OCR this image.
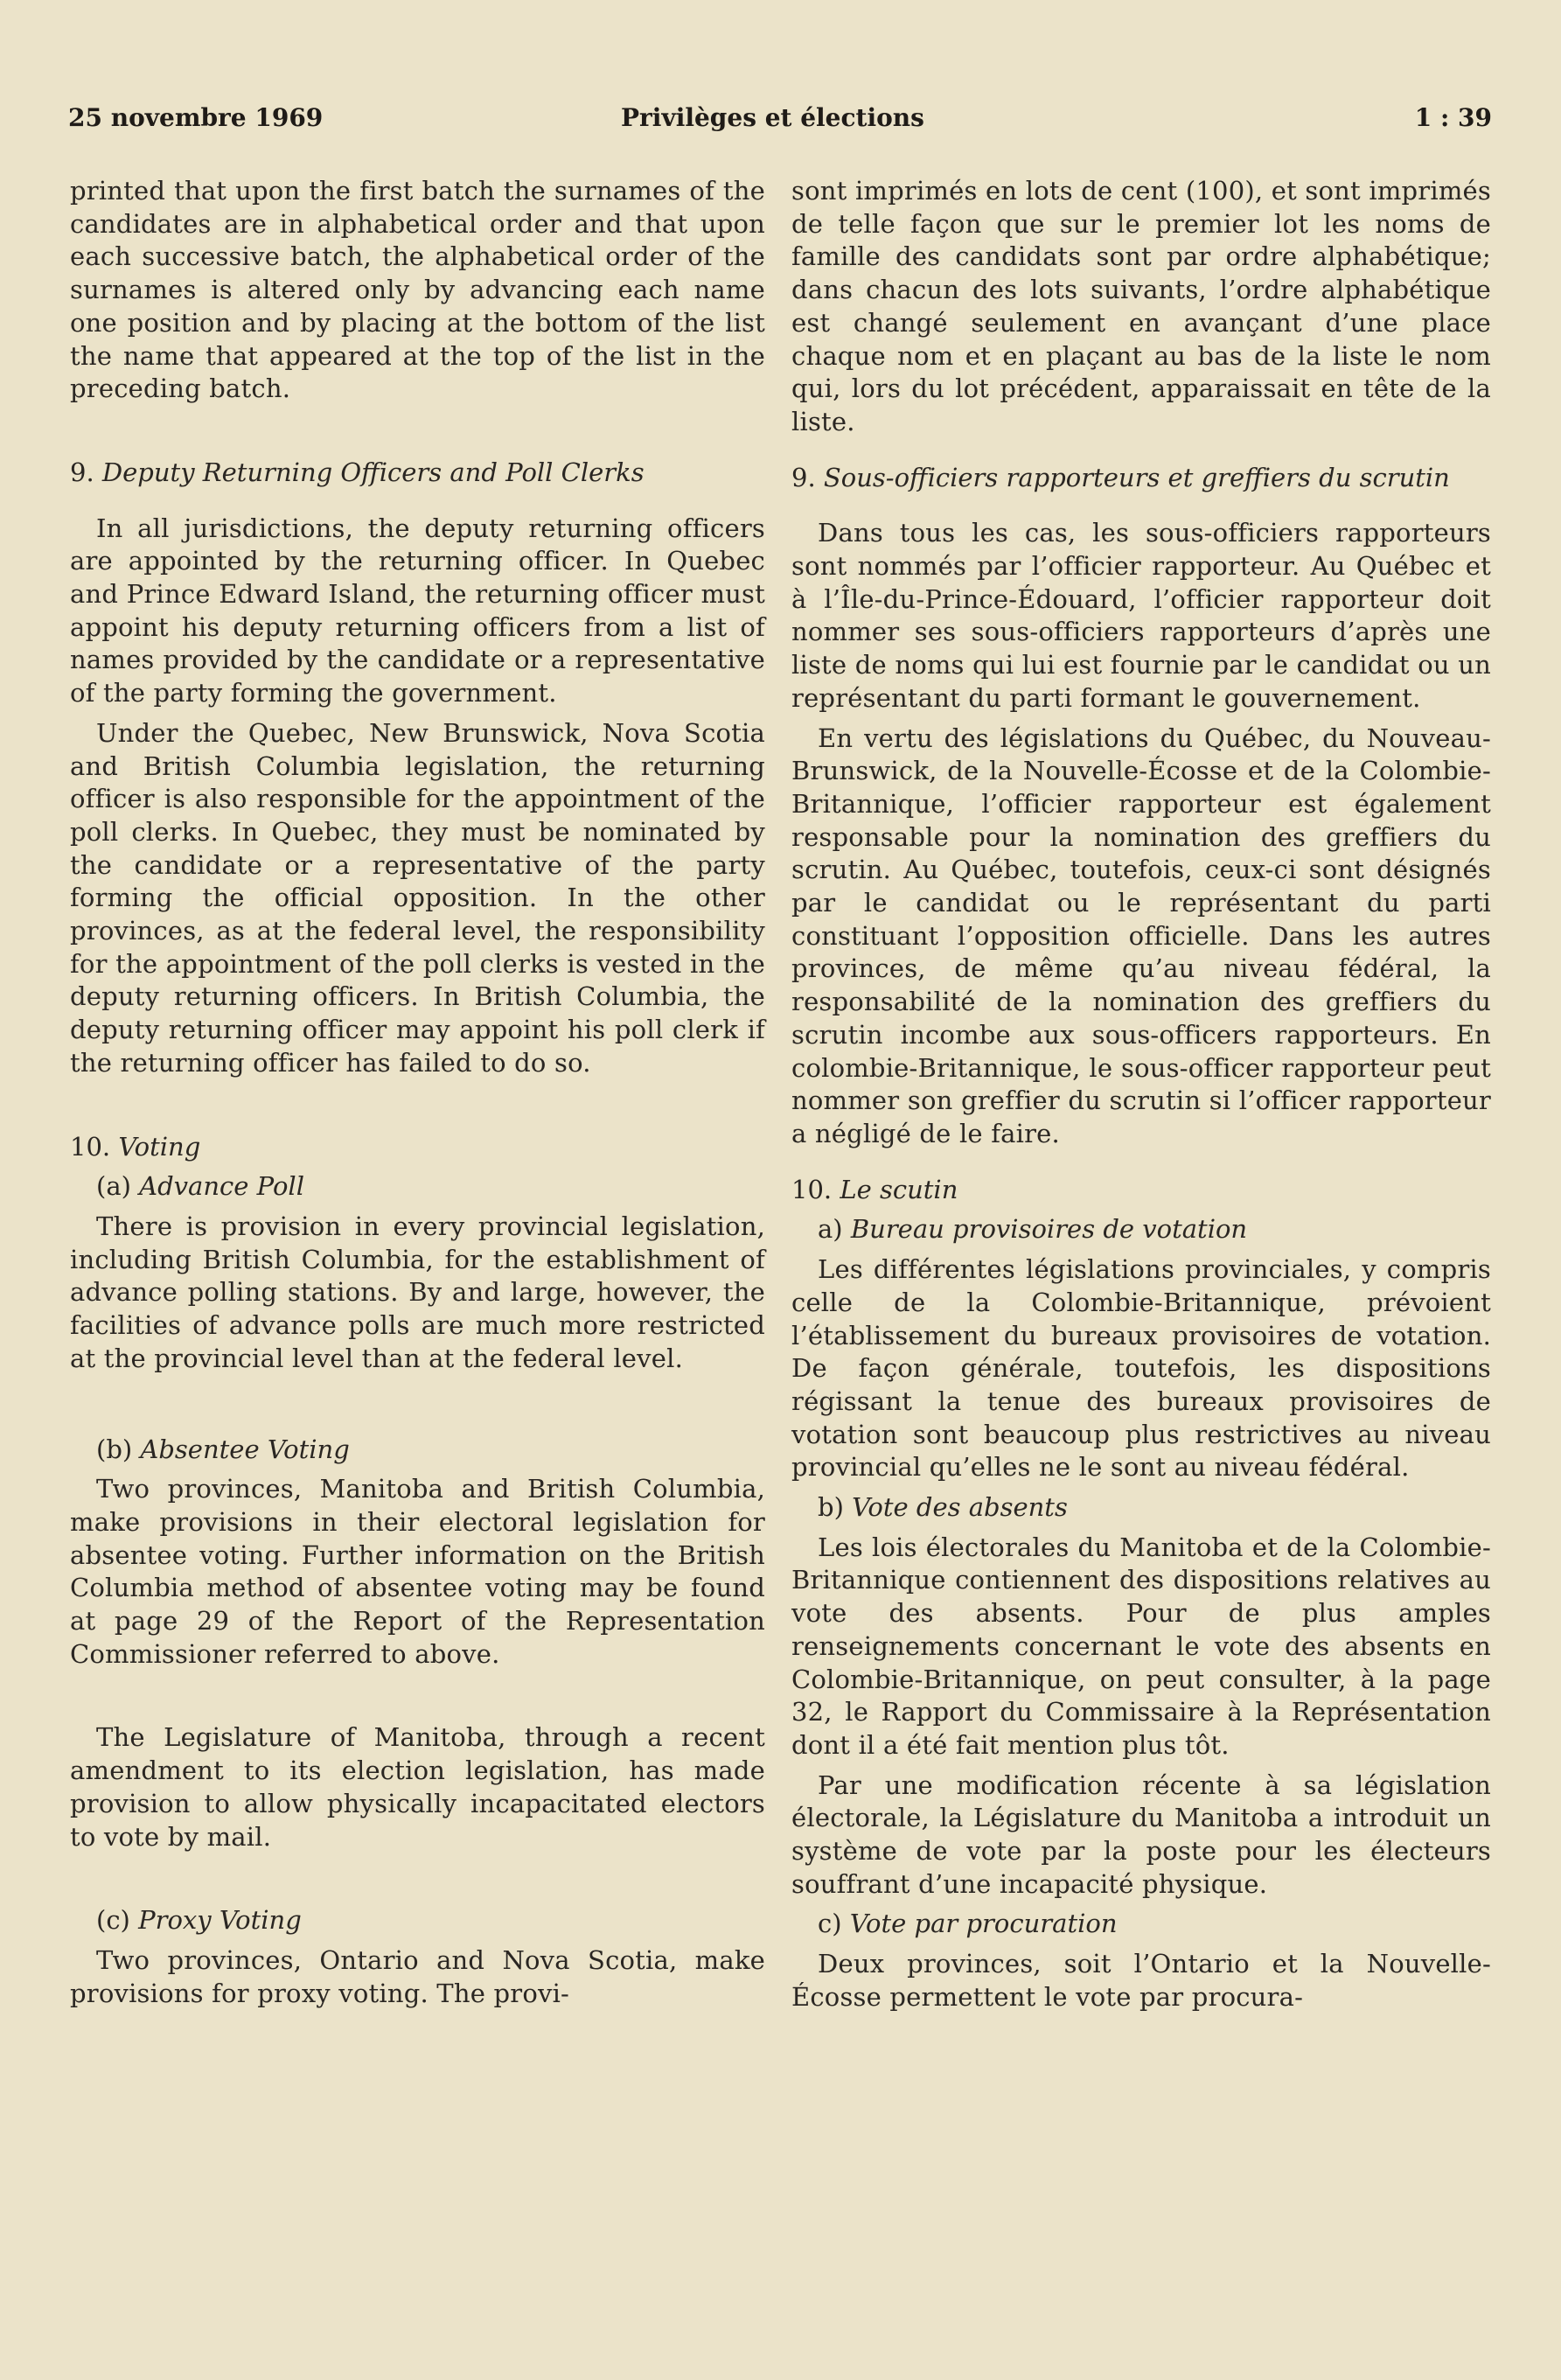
25 novembre 1969	Privilèges et élections	1 : 39

printed that upon the first batch the surnames of the candidates are in alphabetical order and that upon each successive batch, the alphabetical order of the surnames is altered only by advancing each name one position and by placing at the bottom of the list the name that appeared at the top of the list in the preceding batch.

9. Deputy Returning Officers and Poll Clerks

In all jurisdictions, the deputy returning officers are appointed by the returning officer. In Quebec and Prince Edward Island, the returning officer must appoint his deputy returning officers from a list of names provided by the candidate or a representative of the party forming the government.

Under the Quebec, New Brunswick, Nova Scotia and British Columbia legislation, the returning officer is also responsible for the appointment of the poll clerks. In Quebec, they must be nominated by the candidate or a representative of the party forming the official opposition. In the other provinces, as at the federal level, the responsibility for the appointment of the poll clerks is vested in the deputy returning officers. In British Columbia, the deputy returning officer may appoint his poll clerk if the returning officer has failed to do so.

10. Voting
(a) Advance Poll

There is provision in every provincial legislation, including British Columbia, for the establishment of advance polling stations. By and large, however, the facilities of advance polls are much more restricted at the provincial level than at the federal level.

(b) Absentee Voting

Two provinces, Manitoba and British Columbia, make provisions in their electoral legislation for absentee voting. Further information on the British Columbia method of absentee voting may be found at page 29 of the Report of the Representation Commissioner referred to above.

The Legislature of Manitoba, through a recent amendment to its election legislation, has made provision to allow physically incapacitated electors to vote by mail.

(c) Proxy Voting

Two provinces, Ontario and Nova Scotia, make provisions for proxy voting. The provi-

sont imprimés en lots de cent (100), et sont imprimés de telle façon que sur le premier lot les noms de famille des candidats sont par ordre alphabétique; dans chacun des lots suivants, l’ordre alphabétique est changé seulement en avançant d’une place chaque nom et en plaçant au bas de la liste le nom qui, lors du lot précédent, apparaissait en tête de la liste.

9. Sous-officiers rapporteurs et greffiers du scrutin

Dans tous les cas, les sous-officiers rapporteurs sont nommés par l’officier rapporteur. Au Québec et à l’Île-du-Prince-Édouard, l’officier rapporteur doit nommer ses sous-officiers rapporteurs d’après une liste de noms qui lui est fournie par le candidat ou un représentant du parti formant le gouvernement.

En vertu des législations du Québec, du Nouveau-Brunswick, de la Nouvelle-Écosse et de la Colombie-Britannique, l’officier rapporteur est également responsable pour la nomination des greffiers du scrutin. Au Québec, toutefois, ceux-ci sont désignés par le candidat ou le représentant du parti constituant l’opposition officielle. Dans les autres provinces, de même qu’au niveau fédéral, la responsabilité de la nomination des greffiers du scrutin incombe aux sous-officers rapporteurs. En colombie-Britannique, le sous-officer rapporteur peut nommer son greffier du scrutin si l’officer rapporteur a négligé de le faire.

10. Le scutin
a) Bureau provisoires de votation

Les différentes législations provinciales, y compris celle de la Colombie-Britannique, prévoient l’établissement du bureaux provisoires de votation. De façon générale, toutefois, les dispositions régissant la tenue des bureaux provisoires de votation sont beaucoup plus restrictives au niveau provincial qu’elles ne le sont au niveau fédéral.

b) Vote des absents

Les lois électorales du Manitoba et de la Colombie-Britannique contiennent des dispositions relatives au vote des absents. Pour de plus amples renseignements concernant le vote des absents en Colombie-Britannique, on peut consulter, à la page 32, le Rapport du Commissaire à la Représentation dont il a été fait mention plus tôt.

Par une modification récente à sa législation électorale, la Législature du Manitoba a introduit un système de vote par la poste pour les électeurs souffrant d’une incapacité physique.

c) Vote par procuration

Deux provinces, soit l’Ontario et la Nouvelle-Écosse permettent le vote par procura-
